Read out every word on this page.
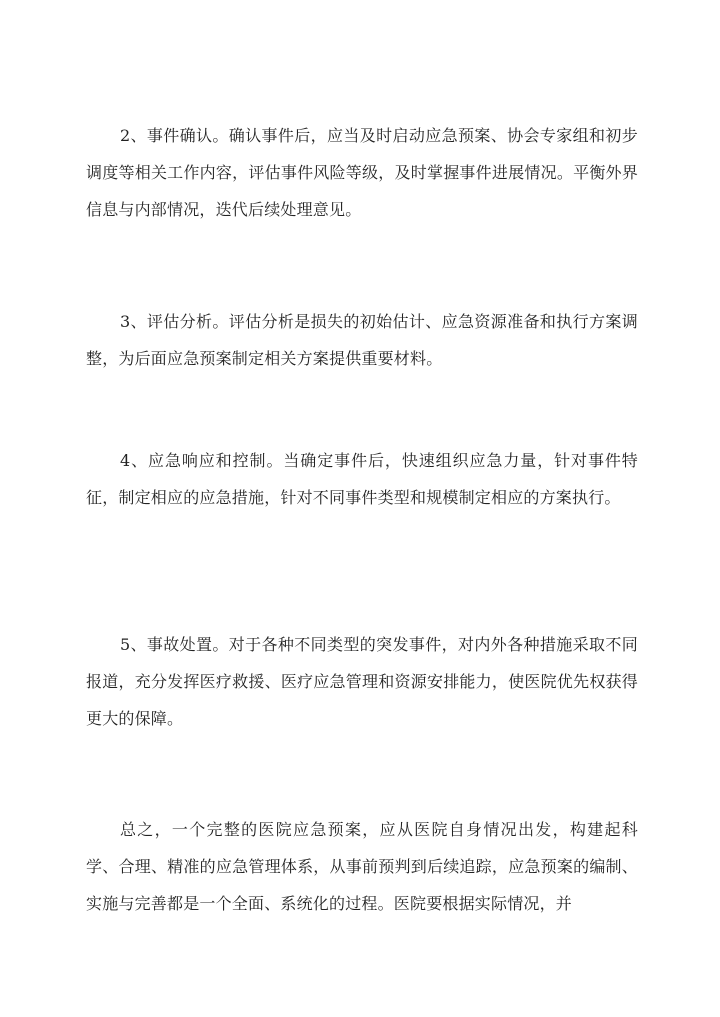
2、事件确认。确认事件后，应当及时启动应急预案、协会专家组和初步调度等相关工作内容，评估事件风险等级，及时掌握事件进展情况。平衡外界信息与内部情况，迭代后续处理意见。

3、评估分析。评估分析是损失的初始估计、应急资源准备和执行方案调整，为后面应急预案制定相关方案提供重要材料。

4、应急响应和控制。当确定事件后，快速组织应急力量，针对事件特征，制定相应的应急措施，针对不同事件类型和规模制定相应的方案执行。

5、事故处置。对于各种不同类型的突发事件，对内外各种措施采取不同报道，充分发挥医疗救援、医疗应急管理和资源安排能力，使医院优先权获得更大的保障。

总之，一个完整的医院应急预案，应从医院自身情况出发，构建起科学、合理、精准的应急管理体系，从事前预判到后续追踪，应急预案的编制、实施与完善都是一个全面、系统化的过程。医院要根据实际情况，并
